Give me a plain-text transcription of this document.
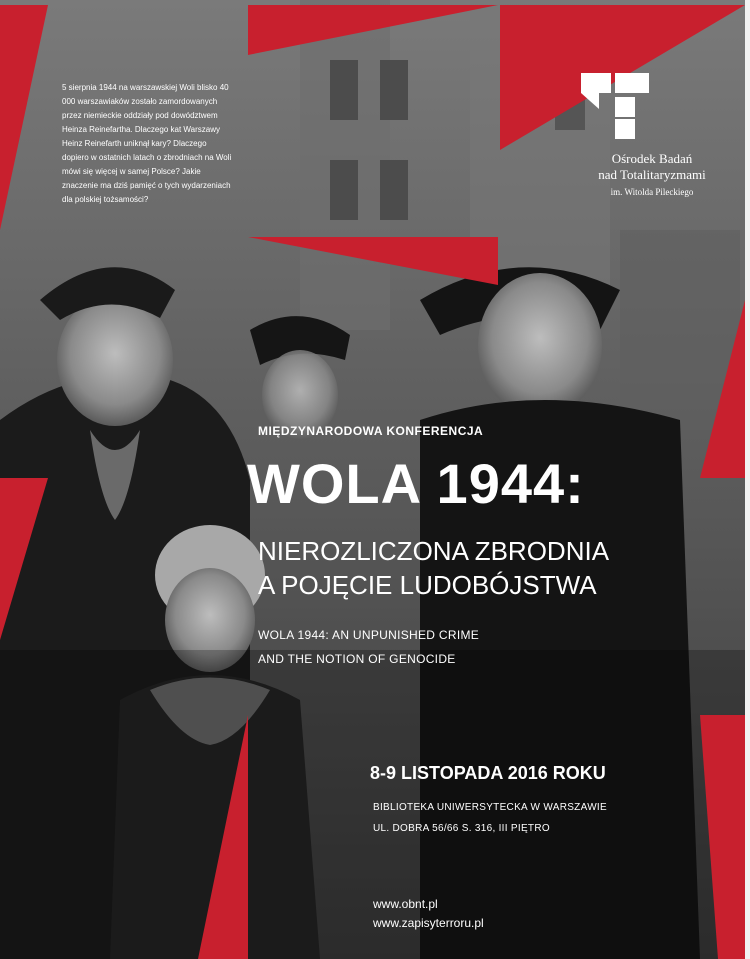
5 sierpnia 1944 na warszawskiej Woli blisko 40 000 warszawiaków zostało zamordowanych przez niemieckie oddziały pod dowództwem Heinza Reinefartha. Dlaczego kat Warszawy Heinz Reinefarth uniknął kary? Dlaczego dopiero w ostatnich latach o zbrodniach na Woli mówi się więcej w samej Polsce? Jakie znaczenie ma dziś pamięć o tych wydarzeniach dla polskiej tożsamości?

Ośrodek Badań
nad Totalitaryzmami
im. Witolda Pileckiego
MIĘDZYNARODOWA KONFERENCJA
WOLA 1944:
NIEROZLICZONA ZBRODNIA
A POJĘCIE LUDOBÓJSTWA
WOLA 1944: AN UNPUNISHED CRIME
AND THE NOTION OF GENOCIDE
8-9 LISTOPADA 2016 ROKU
BIBLIOTEKA UNIWERSYTECKA W WARSZAWIE
UL. DOBRA 56/66 S. 316, III PIĘTRO
www.obnt.pl
www.zapisyterroru.pl
